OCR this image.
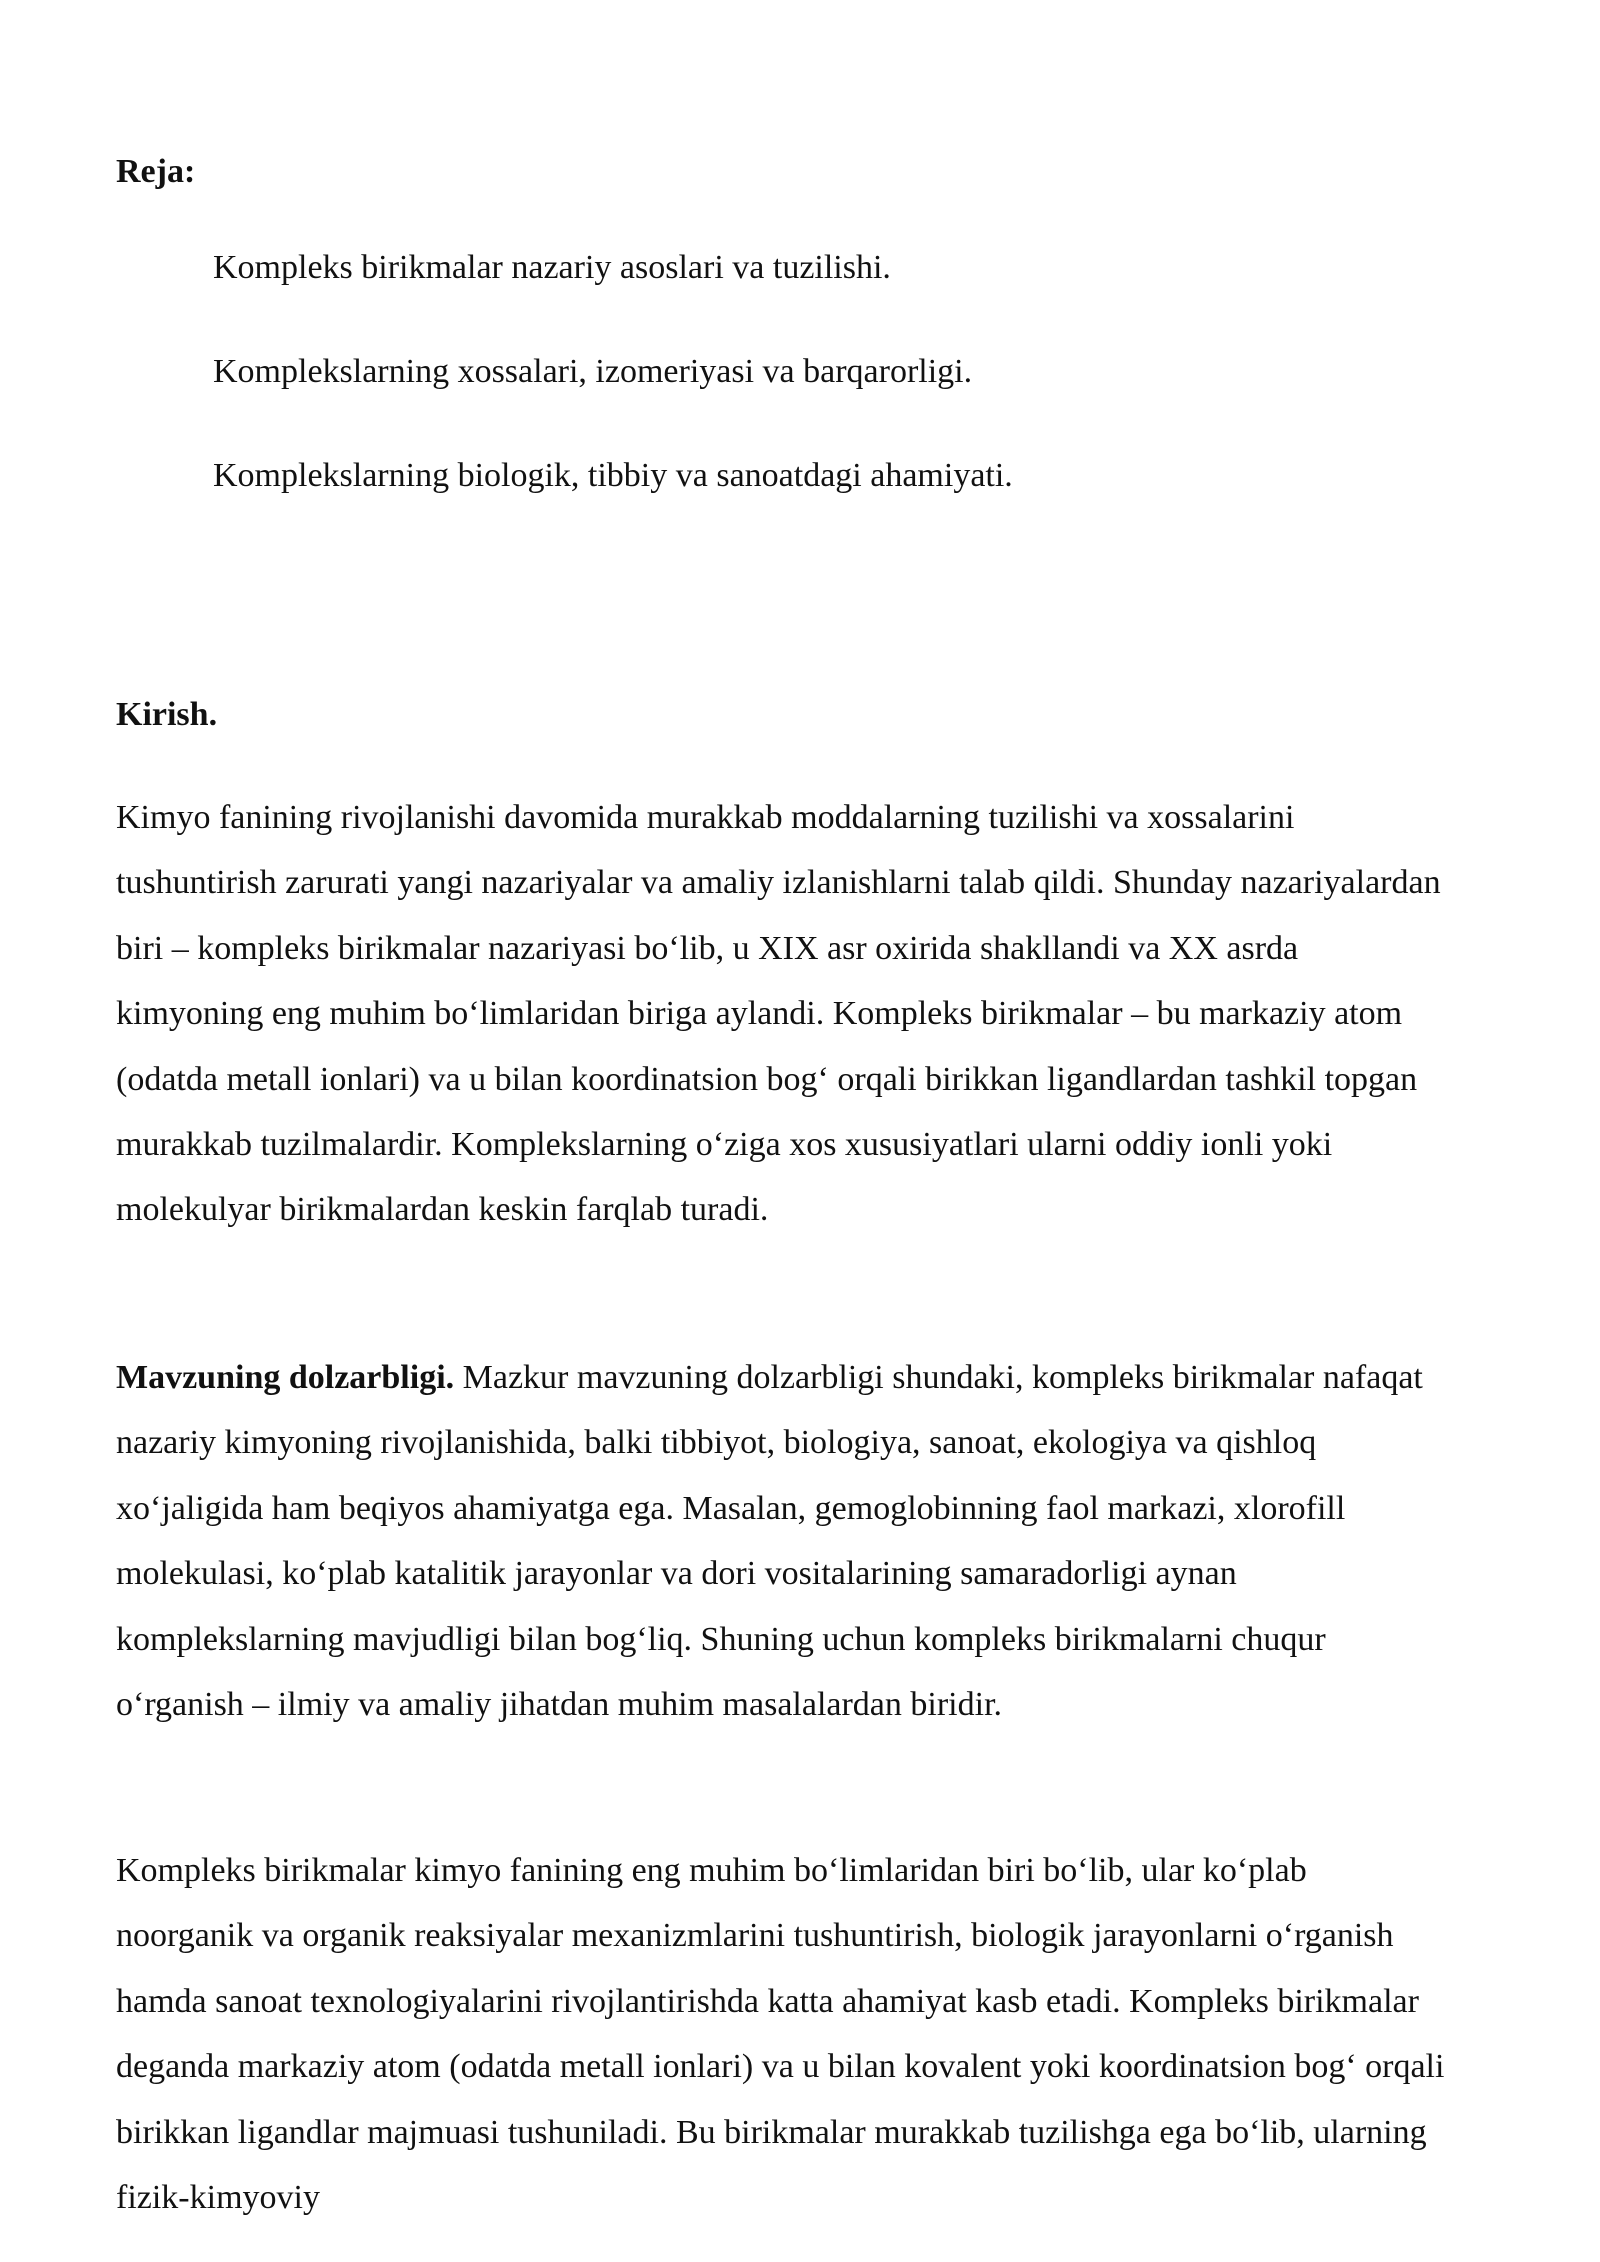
Reja:
Kompleks birikmalar nazariy asoslari va tuzilishi.
Komplekslarning xossalari, izomeriyasi va barqarorligi.
Komplekslarning biologik, tibbiy va sanoatdagi ahamiyati.
Kirish.

Kimyo fanining rivojlanishi davomida murakkab moddalarning tuzilishi va xossalarini tushuntirish zarurati yangi nazariyalar va amaliy izlanishlarni talab qildi. Shunday nazariyalardan biri – kompleks birikmalar nazariyasi bo‘lib, u XIX asr oxirida shakllandi va XX asrda kimyoning eng muhim bo‘limlaridan biriga aylandi. Kompleks birikmalar – bu markaziy atom (odatda metall ionlari) va u bilan koordinatsion bog‘ orqali birikkan ligandlardan tashkil topgan murakkab tuzilmalardir. Komplekslarning o‘ziga xos xususiyatlari ularni oddiy ionli yoki molekulyar birikmalardan keskin farqlab turadi.

Mavzuning dolzarbligi. Mazkur mavzuning dolzarbligi shundaki, kompleks birikmalar nafaqat nazariy kimyoning rivojlanishida, balki tibbiyot, biologiya, sanoat, ekologiya va qishloq xo‘jaligida ham beqiyos ahamiyatga ega. Masalan, gemoglobinning faol markazi, xlorofill molekulasi, ko‘plab katalitik jarayonlar va dori vositalarining samaradorligi aynan komplekslarning mavjudligi bilan bog‘liq. Shuning uchun kompleks birikmalarni chuqur o‘rganish – ilmiy va amaliy jihatdan muhim masalalardan biridir.

Kompleks birikmalar kimyo fanining eng muhim bo‘limlaridan biri bo‘lib, ular ko‘plab noorganik va organik reaksiyalar mexanizmlarini tushuntirish, biologik jarayonlarni o‘rganish hamda sanoat texnologiyalarini rivojlantirishda katta ahamiyat kasb etadi. Kompleks birikmalar deganda markaziy atom (odatda metall ionlari) va u bilan kovalent yoki koordinatsion bog‘ orqali birikkan ligandlar majmuasi tushuniladi. Bu birikmalar murakkab tuzilishga ega bo‘lib, ularning fizik-kimyoviy
